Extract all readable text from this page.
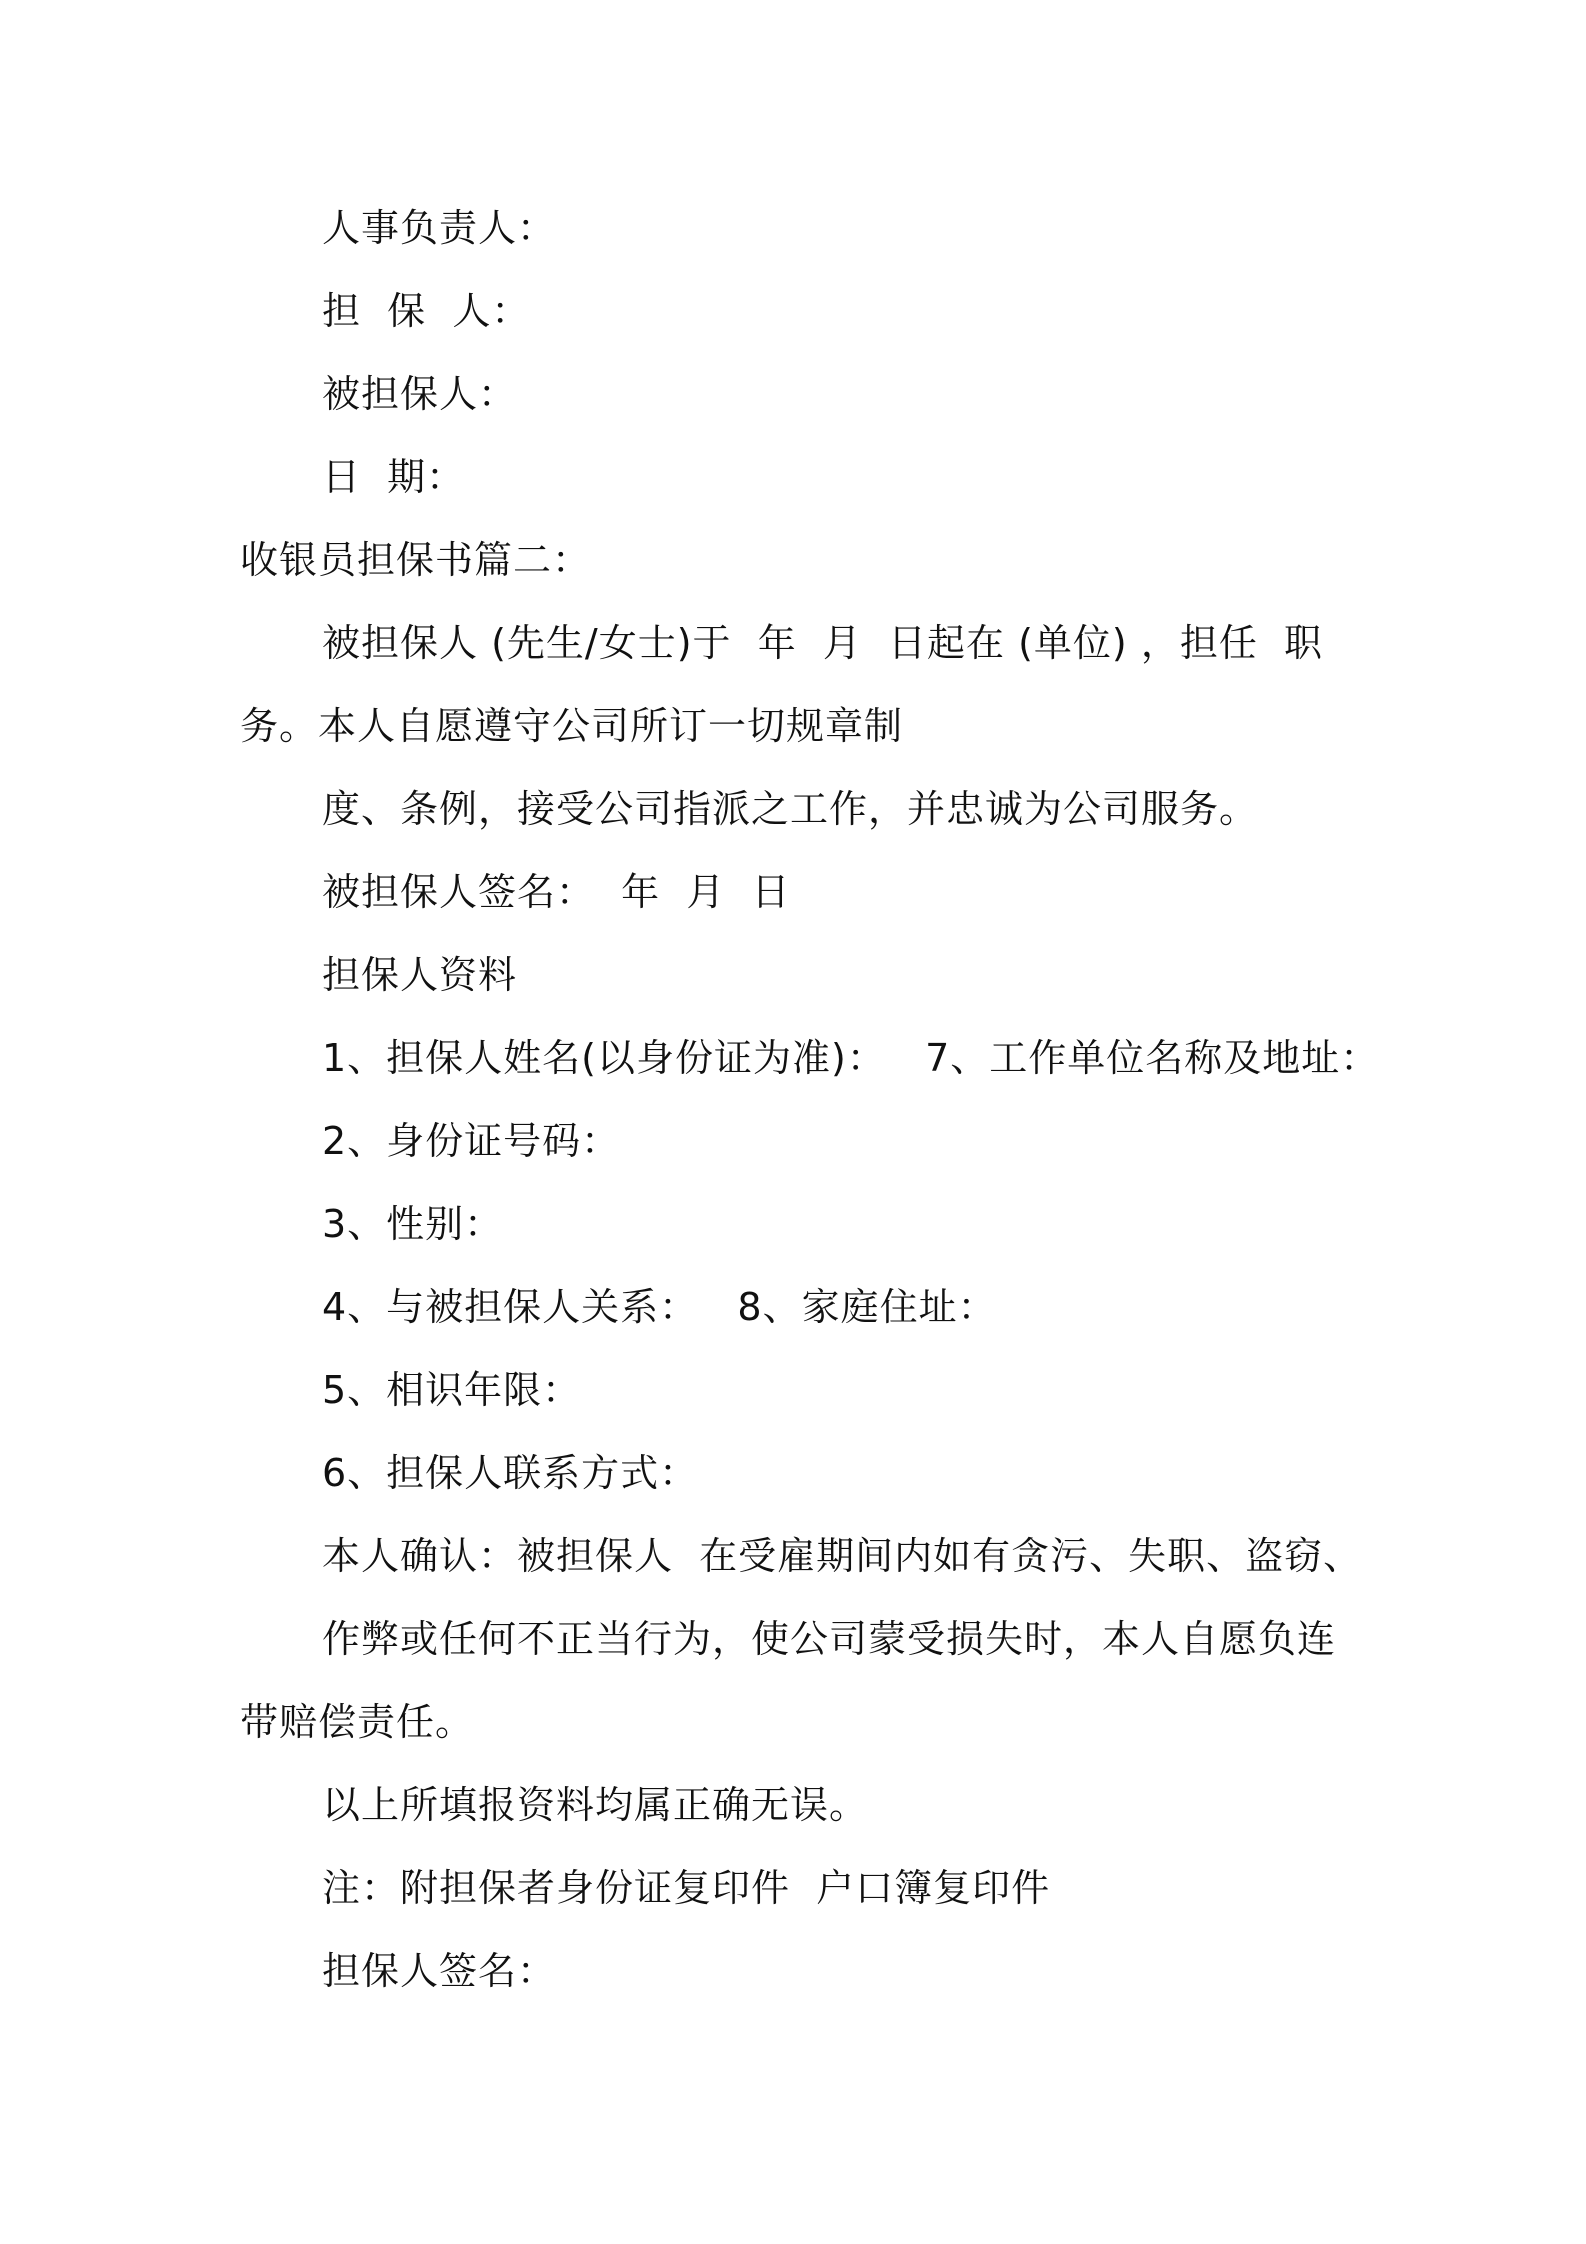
人事负责人：
担  保  人：
被担保人：
日  期：
收银员担保书篇二：
被担保人 (先生/女士)于  年  月  日起在 (单位) ，担任  职
务。本人自愿遵守公司所订一切规章制
度、条例，接受公司指派之工作，并忠诚为公司服务。
被担保人签名：  年  月  日
担保人资料
1、担保人姓名(以身份证为准)：   7、工作单位名称及地址：
2、身份证号码：
3、性别：
4、与被担保人关系：   8、家庭住址：
5、相识年限：
6、担保人联系方式：
本人确认：被担保人  在受雇期间内如有贪污、失职、盗窃、
作弊或任何不正当行为，使公司蒙受损失时，本人自愿负连
带赔偿责任。
以上所填报资料均属正确无误。
注：附担保者身份证复印件  户口簿复印件
担保人签名：
